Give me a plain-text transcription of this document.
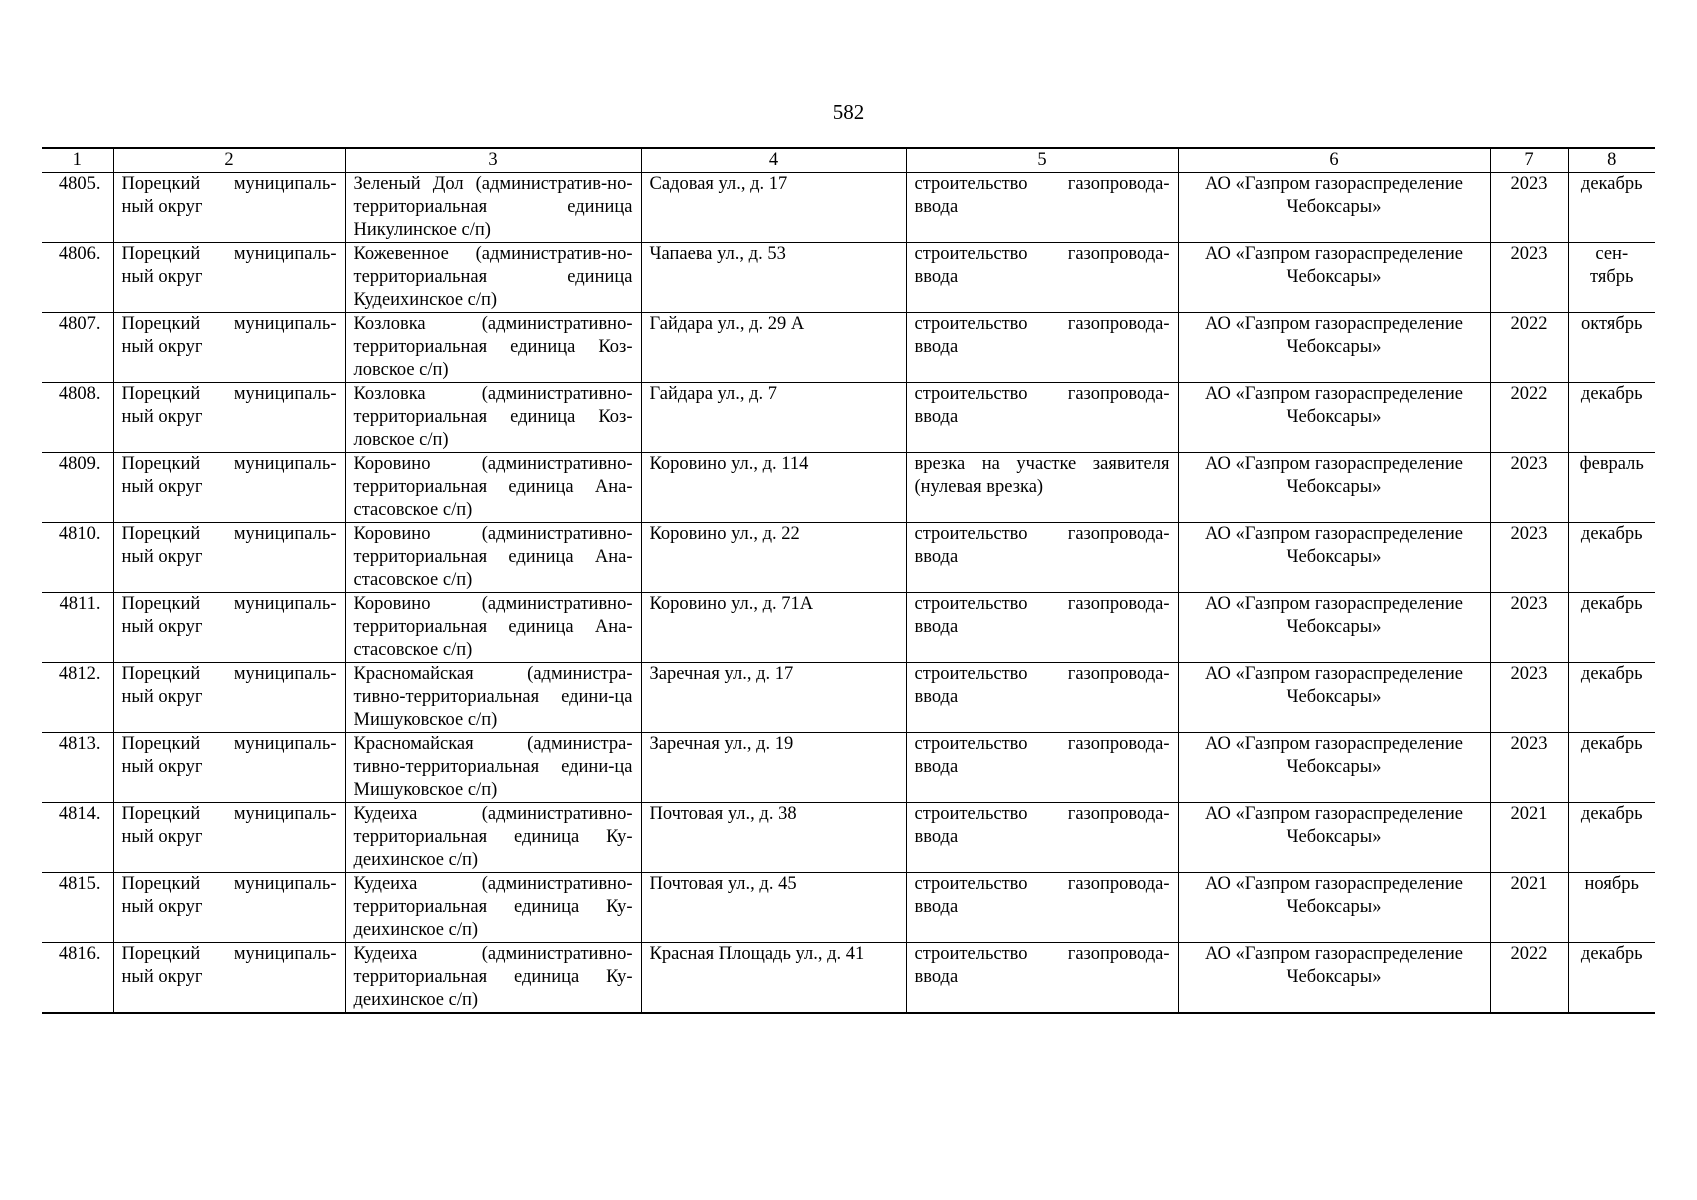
582
1	2	3	4	5	6	7	8
4805.	Порецкий муниципаль-ный округ	Зеленый Дол (административ-но-территориальная единица Никулинское с/п)	Садовая ул., д. 17	строительство газопровода-ввода	АО «Газпром газораспределение Чебоксары»	2023	декабрь
4806.	Порецкий муниципаль-ный округ	Кожевенное (административ-но-территориальная единица Кудеихинское с/п)	Чапаева ул., д. 53	строительство газопровода-ввода	АО «Газпром газораспределение Чебоксары»	2023	сен-тябрь
4807.	Порецкий муниципаль-ный округ	Козловка (административно-территориальная единица Коз-ловское с/п)	Гайдара ул., д. 29 А	строительство газопровода-ввода	АО «Газпром газораспределение Чебоксары»	2022	октябрь
4808.	Порецкий муниципаль-ный округ	Козловка (административно-территориальная единица Коз-ловское с/п)	Гайдара ул., д. 7	строительство газопровода-ввода	АО «Газпром газораспределение Чебоксары»	2022	декабрь
4809.	Порецкий муниципаль-ный округ	Коровино (административно-территориальная единица Ана-стасовское с/п)	Коровино ул., д. 114	врезка на участке заявителя (нулевая врезка)	АО «Газпром газораспределение Чебоксары»	2023	февраль
4810.	Порецкий муниципаль-ный округ	Коровино (административно-территориальная единица Ана-стасовское с/п)	Коровино ул., д. 22	строительство газопровода-ввода	АО «Газпром газораспределение Чебоксары»	2023	декабрь
4811.	Порецкий муниципаль-ный округ	Коровино (административно-территориальная единица Ана-стасовское с/п)	Коровино ул., д. 71А	строительство газопровода-ввода	АО «Газпром газораспределение Чебоксары»	2023	декабрь
4812.	Порецкий муниципаль-ный округ	Красномайская (администра-тивно-территориальная едини-ца Мишуковское с/п)	Заречная ул., д. 17	строительство газопровода-ввода	АО «Газпром газораспределение Чебоксары»	2023	декабрь
4813.	Порецкий муниципаль-ный округ	Красномайская (администра-тивно-территориальная едини-ца Мишуковское с/п)	Заречная ул., д. 19	строительство газопровода-ввода	АО «Газпром газораспределение Чебоксары»	2023	декабрь
4814.	Порецкий муниципаль-ный округ	Кудеиха (административно-территориальная единица Ку-деихинское с/п)	Почтовая ул., д. 38	строительство газопровода-ввода	АО «Газпром газораспределение Чебоксары»	2021	декабрь
4815.	Порецкий муниципаль-ный округ	Кудеиха (административно-территориальная единица Ку-деихинское с/п)	Почтовая ул., д. 45	строительство газопровода-ввода	АО «Газпром газораспределение Чебоксары»	2021	ноябрь
4816.	Порецкий муниципаль-ный округ	Кудеиха (административно-территориальная единица Ку-деихинское с/п)	Красная Площадь ул., д. 41	строительство газопровода-ввода	АО «Газпром газораспределение Чебоксары»	2022	декабрь
